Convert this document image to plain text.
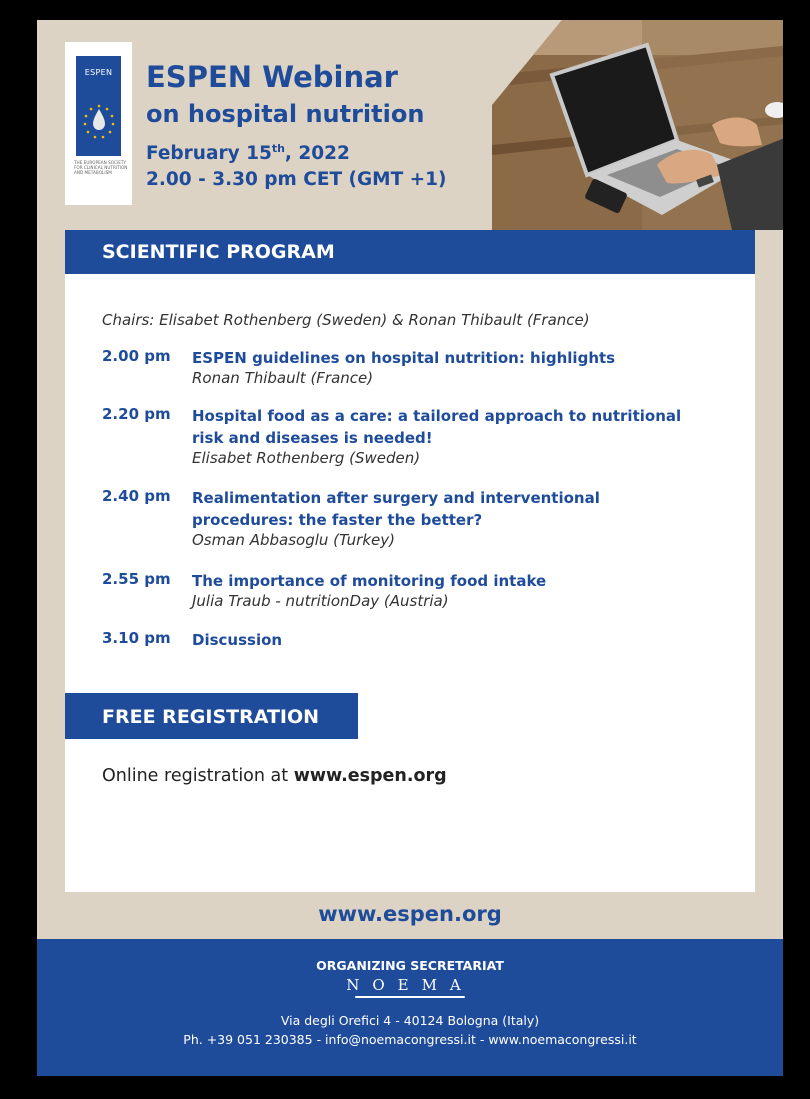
ESPEN
THE EUROPEAN SOCIETY FOR CLINICAL NUTRITION AND METABOLISM
ESPEN Webinar
on hospital nutrition
February 15th, 2022
2.00 - 3.30 pm CET (GMT +1)
SCIENTIFIC PROGRAM
Chairs: Elisabet Rothenberg (Sweden) & Ronan Thibault (France)
2.00 pm ESPEN guidelines on hospital nutrition: highlights
Ronan Thibault (France)
2.20 pm Hospital food as a care: a tailored approach to nutritional risk and diseases is needed!
Elisabet Rothenberg (Sweden)
2.40 pm Realimentation after surgery and interventional procedures: the faster the better?
Osman Abbasoglu (Turkey)
2.55 pm The importance of monitoring food intake
Julia Traub - nutritionDay (Austria)
3.10 pm Discussion
FREE REGISTRATION
Online registration at www.espen.org
www.espen.org
ORGANIZING SECRETARIAT
NOEMA
Via degli Orefici 4 - 40124 Bologna (Italy)
Ph. +39 051 230385 - info@noemacongressi.it - www.noemacongressi.it
